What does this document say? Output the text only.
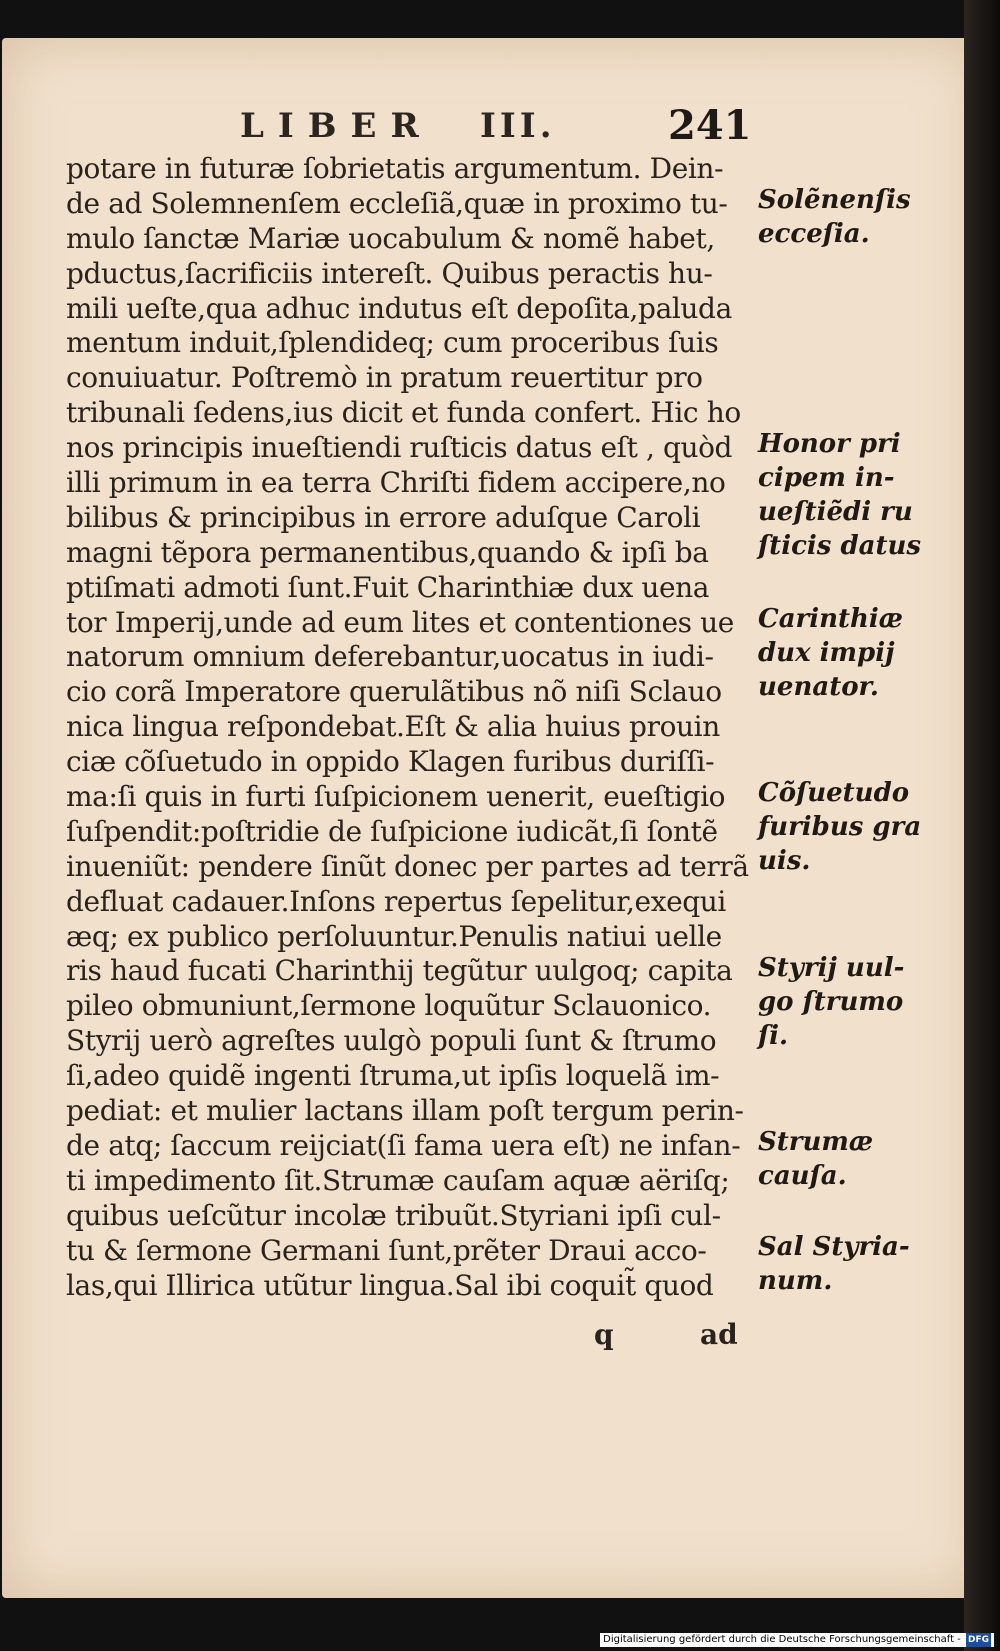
LIBER III.	241
potare in futuræ ſobrietatis argumentum. Dein-
de ad Solemnenſem eccleſiã,quæ in proximo tu-
mulo ſanctæ Mariæ uocabulum & nomẽ habet,
pductus,ſacrificiis intereſt. Quibus peractis hu-
mili ueſte,qua adhuc indutus eſt depoſita,paluda
mentum induit,ſplendideq; cum proceribus ſuis
conuiuatur. Poſtremò in pratum reuertitur pro
tribunali ſedens,ius dicit et funda confert. Hic ho
nos principis inueſtiendi ruſticis datus eſt , quòd
illi primum in ea terra Chriſti fidem accipere,no
bilibus & principibus in errore aduſque Caroli
magni tẽpora permanentibus,quando & ipſi ba
ptiſmati admoti ſunt.Fuit Charinthiæ dux uena
tor Imperij,unde ad eum lites et contentiones ue
natorum omnium deferebantur,uocatus in iudi-
cio corã Imperatore querulãtibus nõ niſi Sclauo
nica lingua reſpondebat.Eſt & alia huius prouin
ciæ cõſuetudo in oppido Klagen furibus duriſſi-
ma:ſi quis in furti ſuſpicionem uenerit, eueſtigio
ſuſpendit:poſtridie de ſuſpicione iudicãt,ſi ſontẽ
inueniũt: pendere ſinũt donec per partes ad terrã
defluat cadauer.Inſons repertus ſepelitur,exequi
æq; ex publico perſoluuntur.Penulis natiui uelle
ris haud fucati Charinthij tegũtur uulgoq; capita
pileo obmuniunt,ſermone loquũtur Sclauonico.
Styrij uerò agreſtes uulgò populi ſunt & ſtrumo
ſi,adeo quidẽ ingenti ſtruma,ut ipſis loquelã im-
pediat: et mulier lactans illam poſt tergum perin-
de atq; ſaccum reijciat(ſi fama uera eſt) ne infan-
ti impedimento ſit.Strumæ cauſam aquæ aëriſq;
quibus ueſcũtur incolæ tribuũt.Styriani ipſi cul-
tu & ſermone Germani ſunt,prẽter Draui acco-
las,qui Illirica utũtur lingua.Sal ibi coquit̃ quod
Solẽnenſis
ecceſia.
Honor pri
cipem in-
ueſtiẽdi ru
ſticis datus
Carinthiæ
dux impij
uenator.
Cõſuetudo
furibus gra
uis.
Styrij uul-
go ſtrumo
ſi.
Strumæ
cauſa.
Sal Styria-
num.
q	ad
Digitalisierung gefördert durch die Deutsche Forschungsgemeinschaft - DFG
